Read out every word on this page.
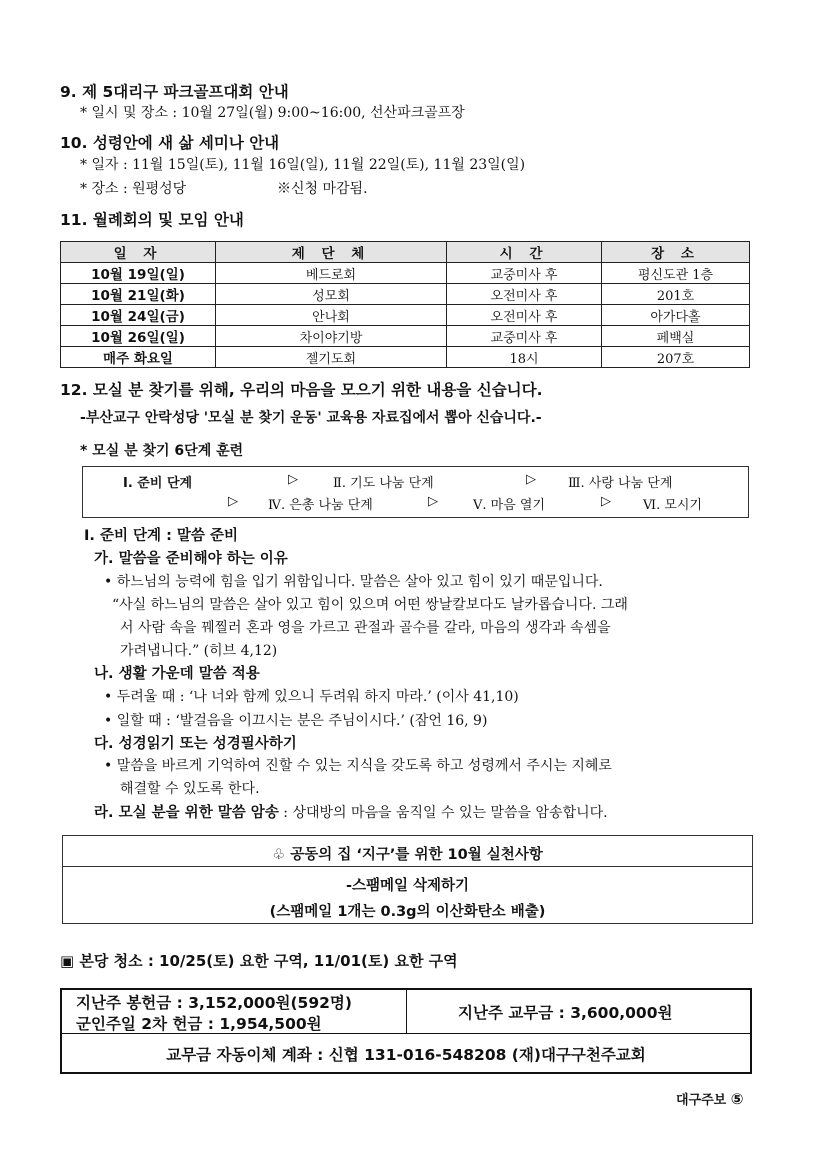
9. 제 5대리구 파크골프대회 안내
* 일시 및 장소 : 10월 27일(월) 9:00~16:00, 선산파크골프장
10. 성령안에 새 삶 세미나 안내
* 일자 : 11월 15일(토), 11월 16일(일), 11월 22일(토), 11월 23일(일)
* 장소 : 원평성당	※신청 마감됨.
11. 월례회의 및 모임 안내
일 자	제 단 체	시 간	장 소
10월 19일(일)	베드로회	교중미사 후	평신도관 1층
10월 21일(화)	성모회	오전미사 후	201호
10월 24일(금)	안나회	오전미사 후	아가다홀
10월 26일(일)	차이야기방	교중미사 후	페백실
매주 화요일	젤기도회	18시	207호
12. 모실 분 찾기를 위해, 우리의 마음을 모으기 위한 내용을 신습니다.
-부산교구 안락성당 '모실 분 찾기 운동' 교육용 자료집에서 뽑아 신습니다.-
* 모실 분 찾기 6단계 훈련
Ⅰ. 준비 단계	▷	Ⅱ. 기도 나눔 단계	▷ Ⅲ. 사랑 나눔 단계
▷ Ⅳ. 은총 나눔 단계	▷	Ⅴ. 마음 열기	▷ Ⅵ. 모시기
Ⅰ. 준비 단계 : 말씀 준비
가. 말씀을 준비해야 하는 이유
• 하느님의 능력에 힘을 입기 위함입니다. 말씀은 살아 있고 힘이 있기 때문입니다.
“사실 하느님의 말씀은 살아 있고 힘이 있으며 어떤 쌍날칼보다도 날카롭습니다. 그래
서 사람 속을 꿰찔러 혼과 영을 가르고 관절과 골수를 갈라, 마음의 생각과 속셈을
가려냅니다.” (히브 4,12)
나. 생활 가운데 말씀 적용
• 두려울 때 : ‘나 너와 함께 있으니 두려워 하지 마라.’ (이사 41,10)
• 일할 때 : ‘발걸음을 이끄시는 분은 주님이시다.’ (잠언 16, 9)
다. 성경읽기 또는 성경필사하기
• 말씀을 바르게 기억하여 진할 수 있는 지식을 갖도록 하고 성령께서 주시는 지혜로
해결할 수 있도록 한다.
라. 모실 분을 위한 말씀 암송 : 상대방의 마음을 움직일 수 있는 말씀을 암송합니다.
♧ 공동의 집 ‘지구’를 위한 10월 실천사항
-스팸메일 삭제하기
(스팸메일 1개는 0.3g의 이산화탄소 배출)
▣ 본당 청소 : 10/25(토) 요한 구역, 11/01(토) 요한 구역
지난주 봉헌금 : 3,152,000원(592명)
군인주일 2차 헌금 : 1,954,500원
지난주 교무금 : 3,600,000원
교무금 자동이체 계좌 : 신협 131-016-548208 (재)대구구천주교회
대구주보 ⑤
